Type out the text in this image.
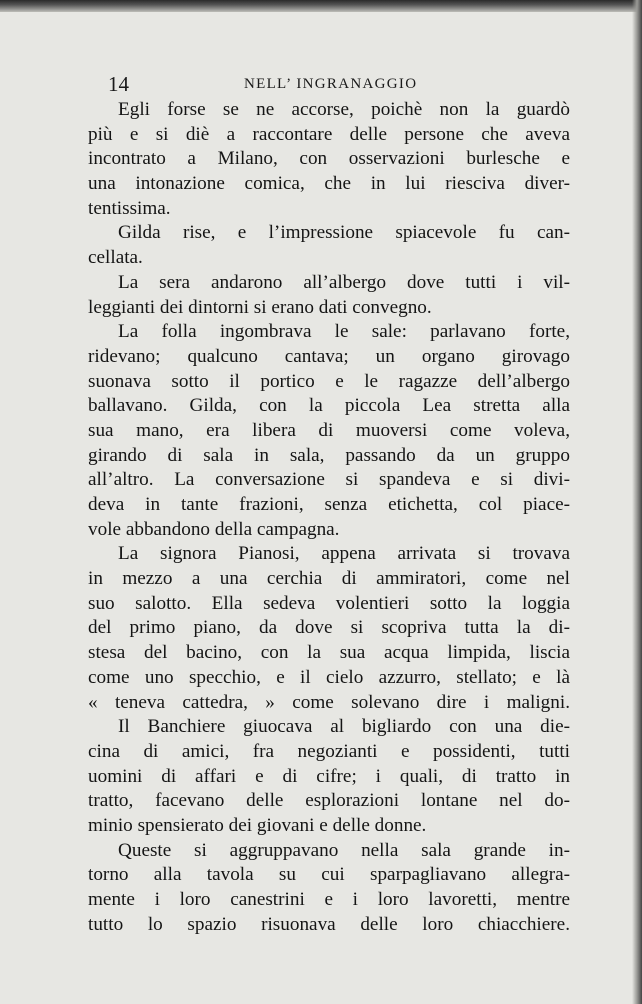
14	NELL’ INGRANAGGIO
Egli forse se ne accorse, poichè non la guardò
più e si diè a raccontare delle persone che aveva
incontrato a Milano, con osservazioni burlesche e
una intonazione comica, che in lui riesciva diver-
tentissima.
Gilda rise, e l’impressione spiacevole fu can-
cellata.
La sera andarono all’albergo dove tutti i vil-
leggianti dei dintorni si erano dati convegno.
La folla ingombrava le sale: parlavano forte,
ridevano; qualcuno cantava; un organo girovago
suonava sotto il portico e le ragazze dell’albergo
ballavano. Gilda, con la piccola Lea stretta alla
sua mano, era libera di muoversi come voleva,
girando di sala in sala, passando da un gruppo
all’altro. La conversazione si spandeva e si divi-
deva in tante frazioni, senza etichetta, col piace-
vole abbandono della campagna.
La signora Pianosi, appena arrivata si trovava
in mezzo a una cerchia di ammiratori, come nel
suo salotto. Ella sedeva volentieri sotto la loggia
del primo piano, da dove si scopriva tutta la di-
stesa del bacino, con la sua acqua limpida, liscia
come uno specchio, e il cielo azzurro, stellato; e là
« teneva cattedra, » come solevano dire i maligni.
Il Banchiere giuocava al bigliardo con una die-
cina di amici, fra negozianti e possidenti, tutti
uomini di affari e di cifre; i quali, di tratto in
tratto, facevano delle esplorazioni lontane nel do-
minio spensierato dei giovani e delle donne.
Queste si aggruppavano nella sala grande in-
torno alla tavola su cui sparpagliavano allegra-
mente i loro canestrini e i loro lavoretti, mentre
tutto lo spazio risuonava delle loro chiacchiere.
